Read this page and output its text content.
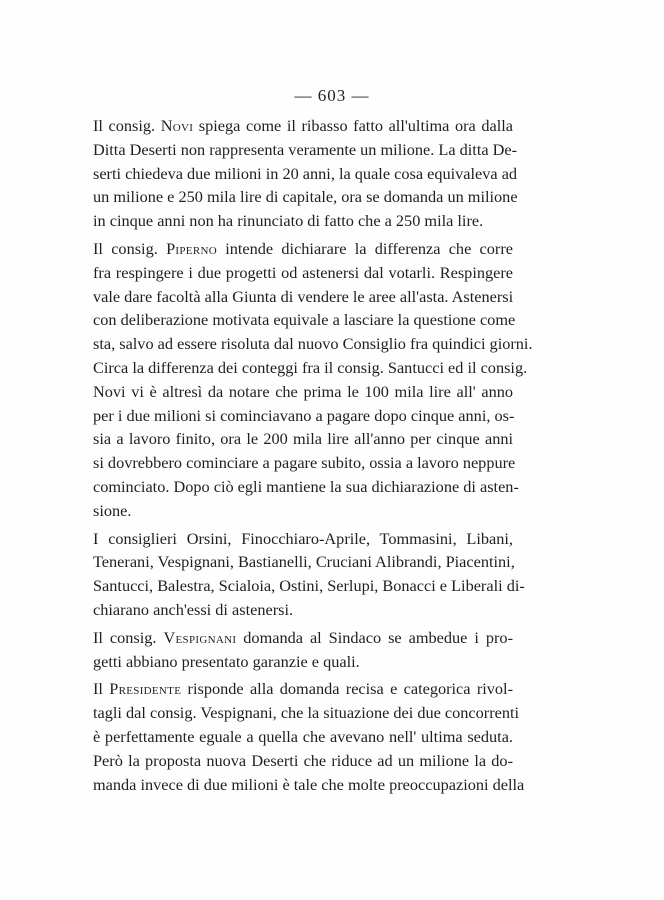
— 603 —

Il consig. Novi spiega come il ribasso fatto all'ultima ora dalla
Ditta Deserti non rappresenta veramente un milione. La ditta De-
serti chiedeva due milioni in 20 anni, la quale cosa equivaleva ad
un milione e 250 mila lire di capitale, ora se domanda un milione
in cinque anni non ha rinunciato di fatto che a 250 mila lire.

Il consig. Piperno intende dichiarare la differenza che corre
fra respingere i due progetti od astenersi dal votarli. Respingere
vale dare facoltà alla Giunta di vendere le aree all'asta. Astenersi
con deliberazione motivata equivale a lasciare la questione come
sta, salvo ad essere risoluta dal nuovo Consiglio fra quindici giorni.
Circa la differenza dei conteggi fra il consig. Santucci ed il consig.
Novi vi è altresì da notare che prima le 100 mila lire all' anno
per i due milioni si cominciavano a pagare dopo cinque anni, os-
sia a lavoro finito, ora le 200 mila lire all'anno per cinque anni
si dovrebbero cominciare a pagare subito, ossia a lavoro neppure
cominciato. Dopo ciò egli mantiene la sua dichiarazione di asten-
sione.

I consiglieri Orsini, Finocchiaro-Aprile, Tommasini, Libani,
Tenerani, Vespignani, Bastianelli, Cruciani Alibrandi, Piacentini,
Santucci, Balestra, Scialoia, Ostini, Serlupi, Bonacci e Liberali di-
chiarano anch'essi di astenersi.

Il consig. Vespignani domanda al Sindaco se ambedue i pro-
getti abbiano presentato garanzie e quali.

Il Presidente risponde alla domanda recisa e categorica rivol-
tagli dal consig. Vespignani, che la situazione dei due concorrenti
è perfettamente eguale a quella che avevano nell' ultima seduta.
Però la proposta nuova Deserti che riduce ad un milione la do-
manda invece di due milioni è tale che molte preoccupazioni della
